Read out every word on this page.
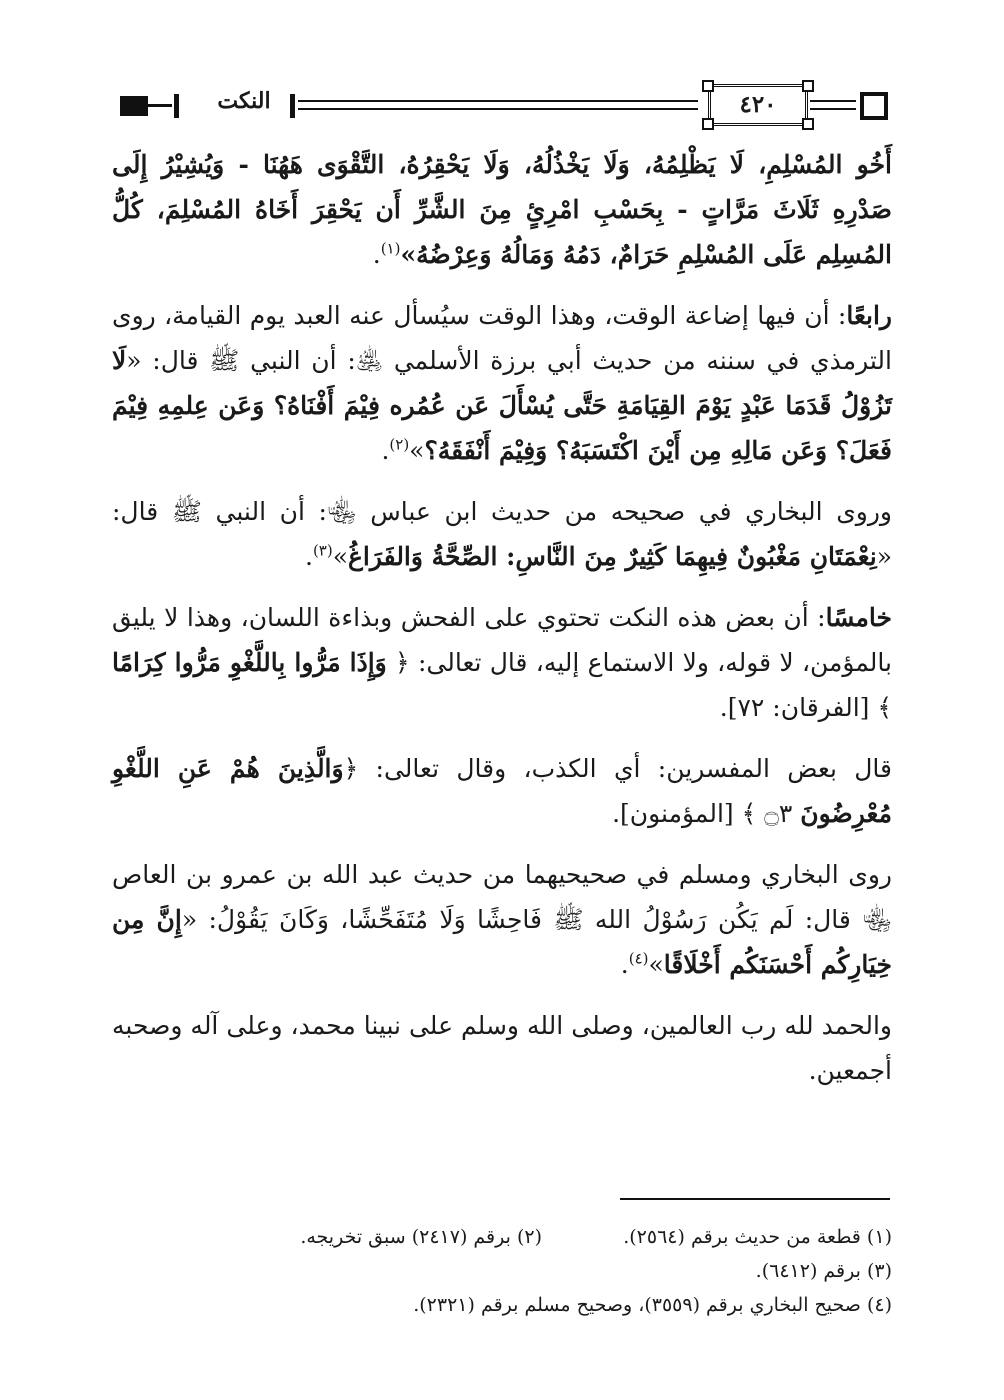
النكت	٤٢٠

أَخُو المُسْلِمِ، لَا يَظْلِمُهُ، وَلَا يَخْذُلُهُ، وَلَا يَحْقِرُهُ، التَّقْوَى هَهُنَا - وَيُشِيْرُ إِلَى صَدْرِهِ ثَلَاثَ مَرَّاتٍ - بِحَسْبِ امْرِئٍ مِنَ الشَّرِّ أَن يَحْقِرَ أَخَاهُ المُسْلِمَ، كُلُّ المُسِلِم عَلَى المُسْلِمِ حَرَامٌ، دَمُهُ وَمَالُهُ وَعِرْضُهُ»$^{(١)}$.

رابعًا: أن فيها إضاعة الوقت، وهذا الوقت سيُسأل عنه العبد يوم القيامة، روى الترمذي في سننه من حديث أبي برزة الأسلمي ﵁: أن النبي ﷺ قال: «لَا تَزُوْلُ قَدَمَا عَبْدٍ يَوْمَ القِيَامَةِ حَتَّى يُسْأَلَ عَن عُمُره فِيْمَ أَفْنَاهُ؟ وَعَن عِلمِهِ فِيْمَ فَعَلَ؟ وَعَن مَالِهِ مِن أَيْنَ اكْتَسَبَهُ؟ وَفِيْمَ أَنْفَقَهُ؟»$^{(٢)}$.

وروى البخاري في صحيحه من حديث ابن عباس ﵄: أن النبي ﷺ قال: «نِعْمَتَانِ مَغْبُونٌ فِيهِمَا كَثِيرٌ مِنَ النَّاسِ: الصِّحَّةُ وَالفَرَاغُ»$^{(٣)}$.

خامسًا: أن بعض هذه النكت تحتوي على الفحش وبذاءة اللسان، وهذا لا يليق بالمؤمن، لا قوله، ولا الاستماع إليه، قال تعالى: ﴿ وَإِذَا مَرُّوا بِاللَّغْوِ مَرُّوا كِرَامًا ﴾ [الفرقان: ٧٢].

قال بعض المفسرين: أي الكذب، وقال تعالى: ﴿وَالَّذِينَ هُمْ عَنِ اللَّغْوِ مُعْرِضُونَ ۝٣ ﴾ [المؤمنون].

روى البخاري ومسلم في صحيحيهما من حديث عبد الله بن عمرو بن العاص ﵄ قال: لَم يَكُن رَسُوْلُ الله ﷺ فَاحِشًا وَلَا مُتَفَحِّشًا، وَكَانَ يَقُوْلُ: «إِنَّ مِن خِيَارِكُم أَحْسَنَكُم أَخْلَاقًا»$^{(٤)}$.

والحمد لله رب العالمين، وصلى الله وسلم على نبينا محمد، وعلى آله وصحبه أجمعين.

(١) قطعة من حديث برقم (٢٥٦٤).
(٢) برقم (٢٤١٧) سبق تخريجه.
(٣) برقم (٦٤١٢).
(٤) صحيح البخاري برقم (٣٥٥٩)، وصحيح مسلم برقم (٢٣٢١).
